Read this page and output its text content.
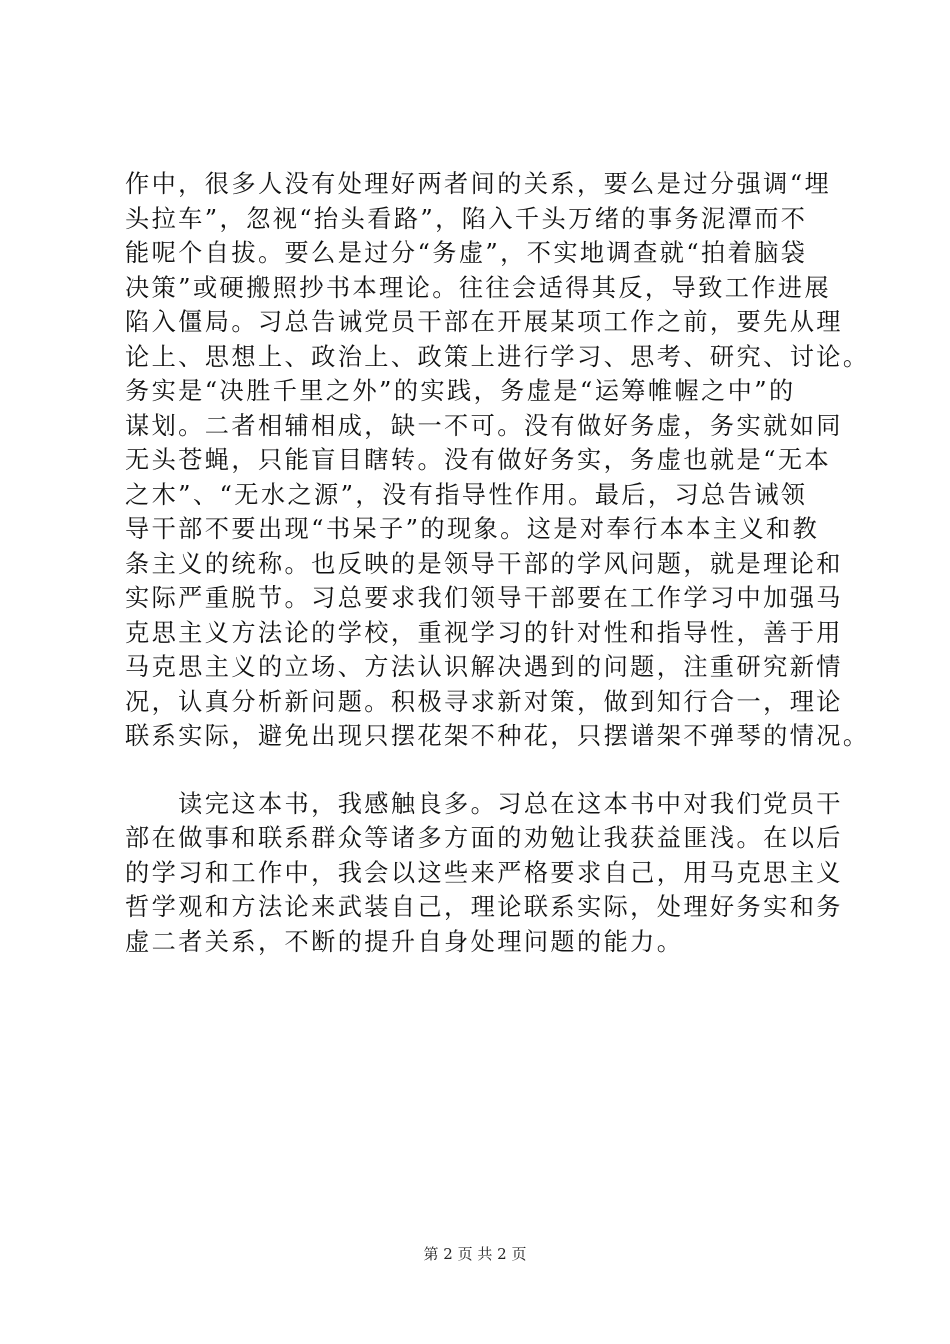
作中，很多人没有处理好两者间的关系，要么是过分强调“埋
头拉车”，忽视“抬头看路”，陷入千头万绪的事务泥潭而不
能呢个自拔。要么是过分“务虚”，不实地调查就“拍着脑袋
决策”或硬搬照抄书本理论。往往会适得其反，导致工作进展
陷入僵局。习总告诫党员干部在开展某项工作之前，要先从理
论上、思想上、政治上、政策上进行学习、思考、研究、讨论。
务实是“决胜千里之外”的实践，务虚是“运筹帷幄之中”的
谋划。二者相辅相成，缺一不可。没有做好务虚，务实就如同
无头苍蝇，只能盲目瞎转。没有做好务实，务虚也就是“无本
之木”、“无水之源”，没有指导性作用。最后，习总告诫领
导干部不要出现“书呆子”的现象。这是对奉行本本主义和教
条主义的统称。也反映的是领导干部的学风问题，就是理论和
实际严重脱节。习总要求我们领导干部要在工作学习中加强马
克思主义方法论的学校，重视学习的针对性和指导性，善于用
马克思主义的立场、方法认识解决遇到的问题，注重研究新情
况，认真分析新问题。积极寻求新对策，做到知行合一，理论
联系实际，避免出现只摆花架不种花，只摆谱架不弹琴的情况。
　　读完这本书，我感触良多。习总在这本书中对我们党员干
部在做事和联系群众等诸多方面的劝勉让我获益匪浅。在以后
的学习和工作中，我会以这些来严格要求自己，用马克思主义
哲学观和方法论来武装自己，理论联系实际，处理好务实和务
虚二者关系，不断的提升自身处理问题的能力。
第 2 页 共 2 页
